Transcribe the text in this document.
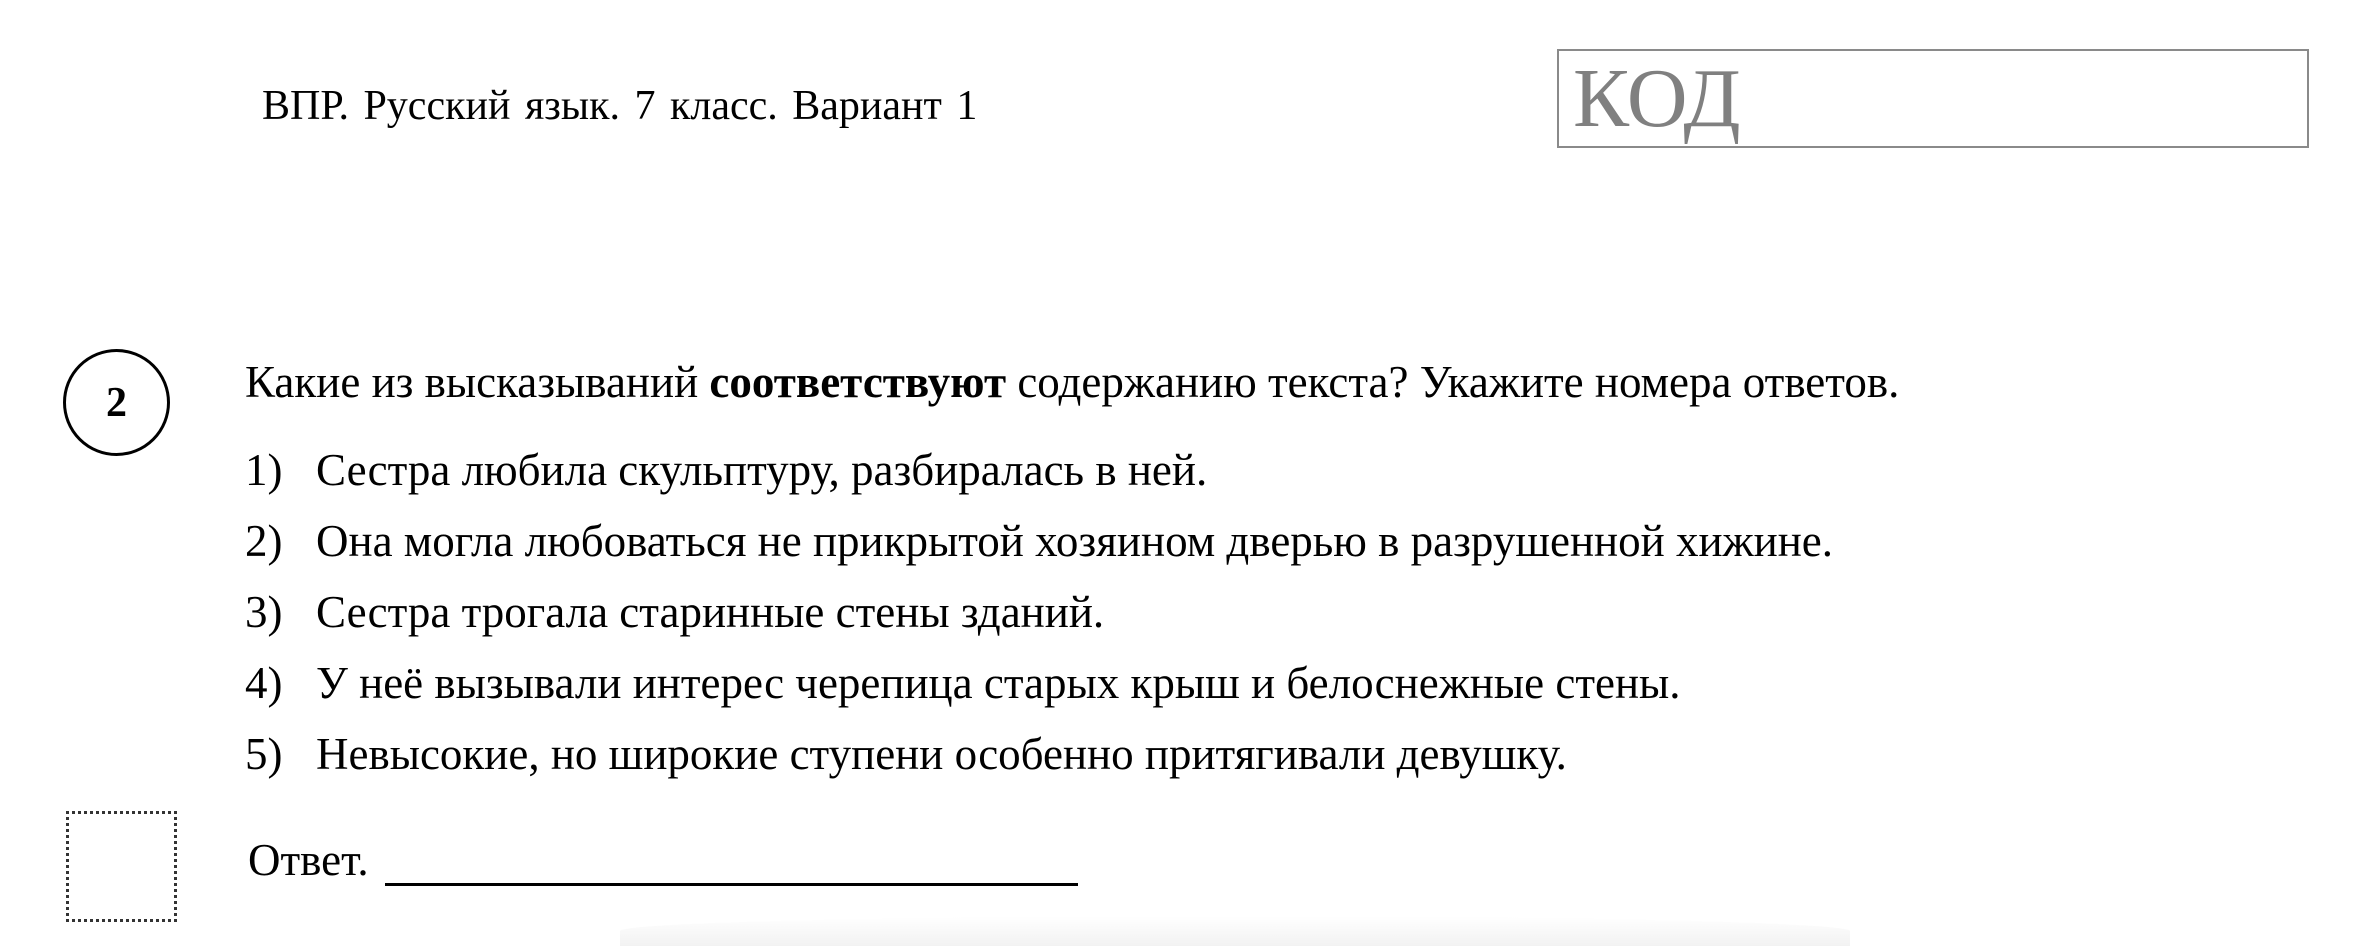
ВПР. Русский язык. 7 класс. Вариант 1	КОД
2	Какие из высказываний соответствуют содержанию текста? Укажите номера ответов.
1) Сестра любила скульптуру, разбиралась в ней.
2) Она могла любоваться не прикрытой хозяином дверью в разрушенной хижине.
3) Сестра трогала старинные стены зданий.
4) У неё вызывали интерес черепица старых крыш и белоснежные стены.
5) Невысокие, но широкие ступени особенно притягивали девушку.
Ответ.
